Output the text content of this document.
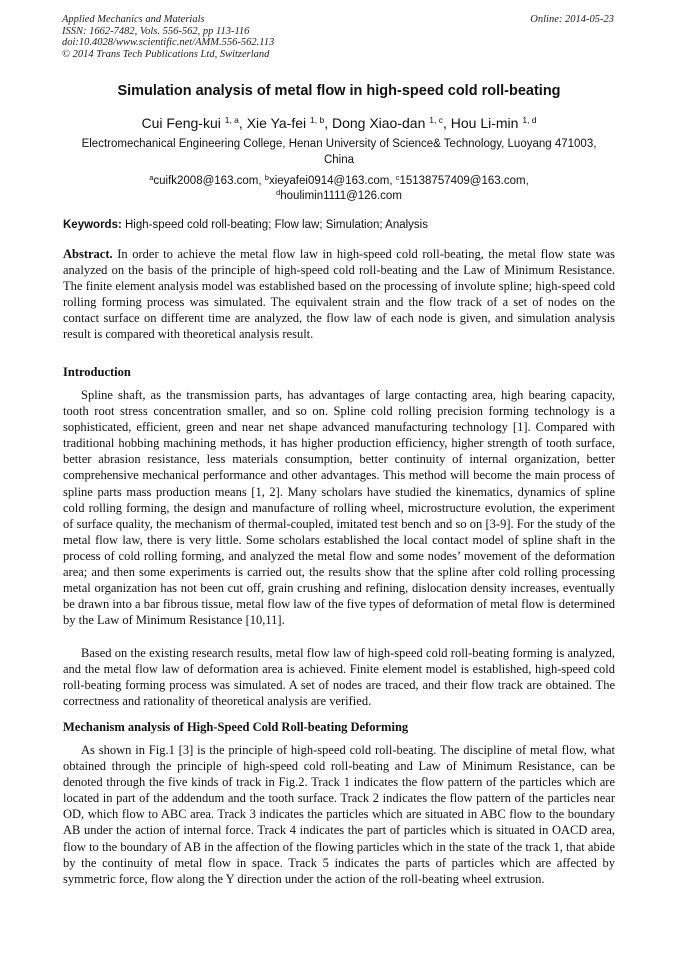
Applied Mechanics and Materials
ISSN: 1662-7482, Vols. 556-562, pp 113-116
doi:10.4028/www.scientific.net/AMM.556-562.113
© 2014 Trans Tech Publications Ltd, Switzerland
Online: 2014-05-23
Simulation analysis of metal flow in high-speed cold roll-beating
Cui Feng-kui $^{1, a}$, Xie Ya-fei $^{1, b}$, Dong Xiao-dan $^{1, c}$, Hou Li-min $^{1, d}$
Electromechanical Engineering College, Henan University of Science& Technology, Luoyang 471003, China
$^a$cuifk2008@163.com, $^b$xieyafei0914@163.com, $^c$15138757409@163.com,
$^d$houlimin1111@126.com
Keywords: High-speed cold roll-beating; Flow law; Simulation; Analysis
Abstract. In order to achieve the metal flow law in high-speed cold roll-beating, the metal flow state was analyzed on the basis of the principle of high-speed cold roll-beating and the Law of Minimum Resistance. The finite element analysis model was established based on the processing of involute spline; high-speed cold rolling forming process was simulated. The equivalent strain and the flow track of a set of nodes on the contact surface on different time are analyzed, the flow law of each node is given, and simulation analysis result is compared with theoretical analysis result.
Introduction

Spline shaft, as the transmission parts, has advantages of large contacting area, high bearing capacity, tooth root stress concentration smaller, and so on. Spline cold rolling precision forming technology is a sophisticated, efficient, green and near net shape advanced manufacturing technology [1]. Compared with traditional hobbing machining methods, it has higher production efficiency, higher strength of tooth surface, better abrasion resistance, less materials consumption, better continuity of internal organization, better comprehensive mechanical performance and other advantages. This method will become the main process of spline parts mass production means [1, 2]. Many scholars have studied the kinematics, dynamics of spline cold rolling forming, the design and manufacture of rolling wheel, microstructure evolution, the experiment of surface quality, the mechanism of thermal-coupled, imitated test bench and so on [3-9]. For the study of the metal flow law, there is very little. Some scholars established the local contact model of spline shaft in the process of cold rolling forming, and analyzed the metal flow and some nodes’ movement of the deformation area; and then some experiments is carried out, the results show that the spline after cold rolling processing metal organization has not been cut off, grain crushing and refining, dislocation density increases, eventually be drawn into a bar fibrous tissue, metal flow law of the five types of deformation of metal flow is determined by the Law of Minimum Resistance [10,11].

Based on the existing research results, metal flow law of high-speed cold roll-beating forming is analyzed, and the metal flow law of deformation area is achieved. Finite element model is established, high-speed cold roll-beating forming process was simulated. A set of nodes are traced, and their flow track are obtained. The correctness and rationality of theoretical analysis are verified.

Mechanism analysis of High-Speed Cold Roll-beating Deforming

As shown in Fig.1 [3] is the principle of high-speed cold roll-beating. The discipline of metal flow, what obtained through the principle of high-speed cold roll-beating and Law of Minimum Resistance, can be denoted through the five kinds of track in Fig.2. Track 1 indicates the flow pattern of the particles which are located in part of the addendum and the tooth surface. Track 2 indicates the flow pattern of the particles near OD, which flow to ABC area. Track 3 indicates the particles which are situated in ABC flow to the boundary AB under the action of internal force. Track 4 indicates the part of particles which is situated in OACD area, flow to the boundary of AB in the affection of the flowing particles which in the state of the track 1, that abide by the continuity of metal flow in space. Track 5 indicates the parts of particles which are affected by symmetric force, flow along the Y direction under the action of the roll-beating wheel extrusion.
